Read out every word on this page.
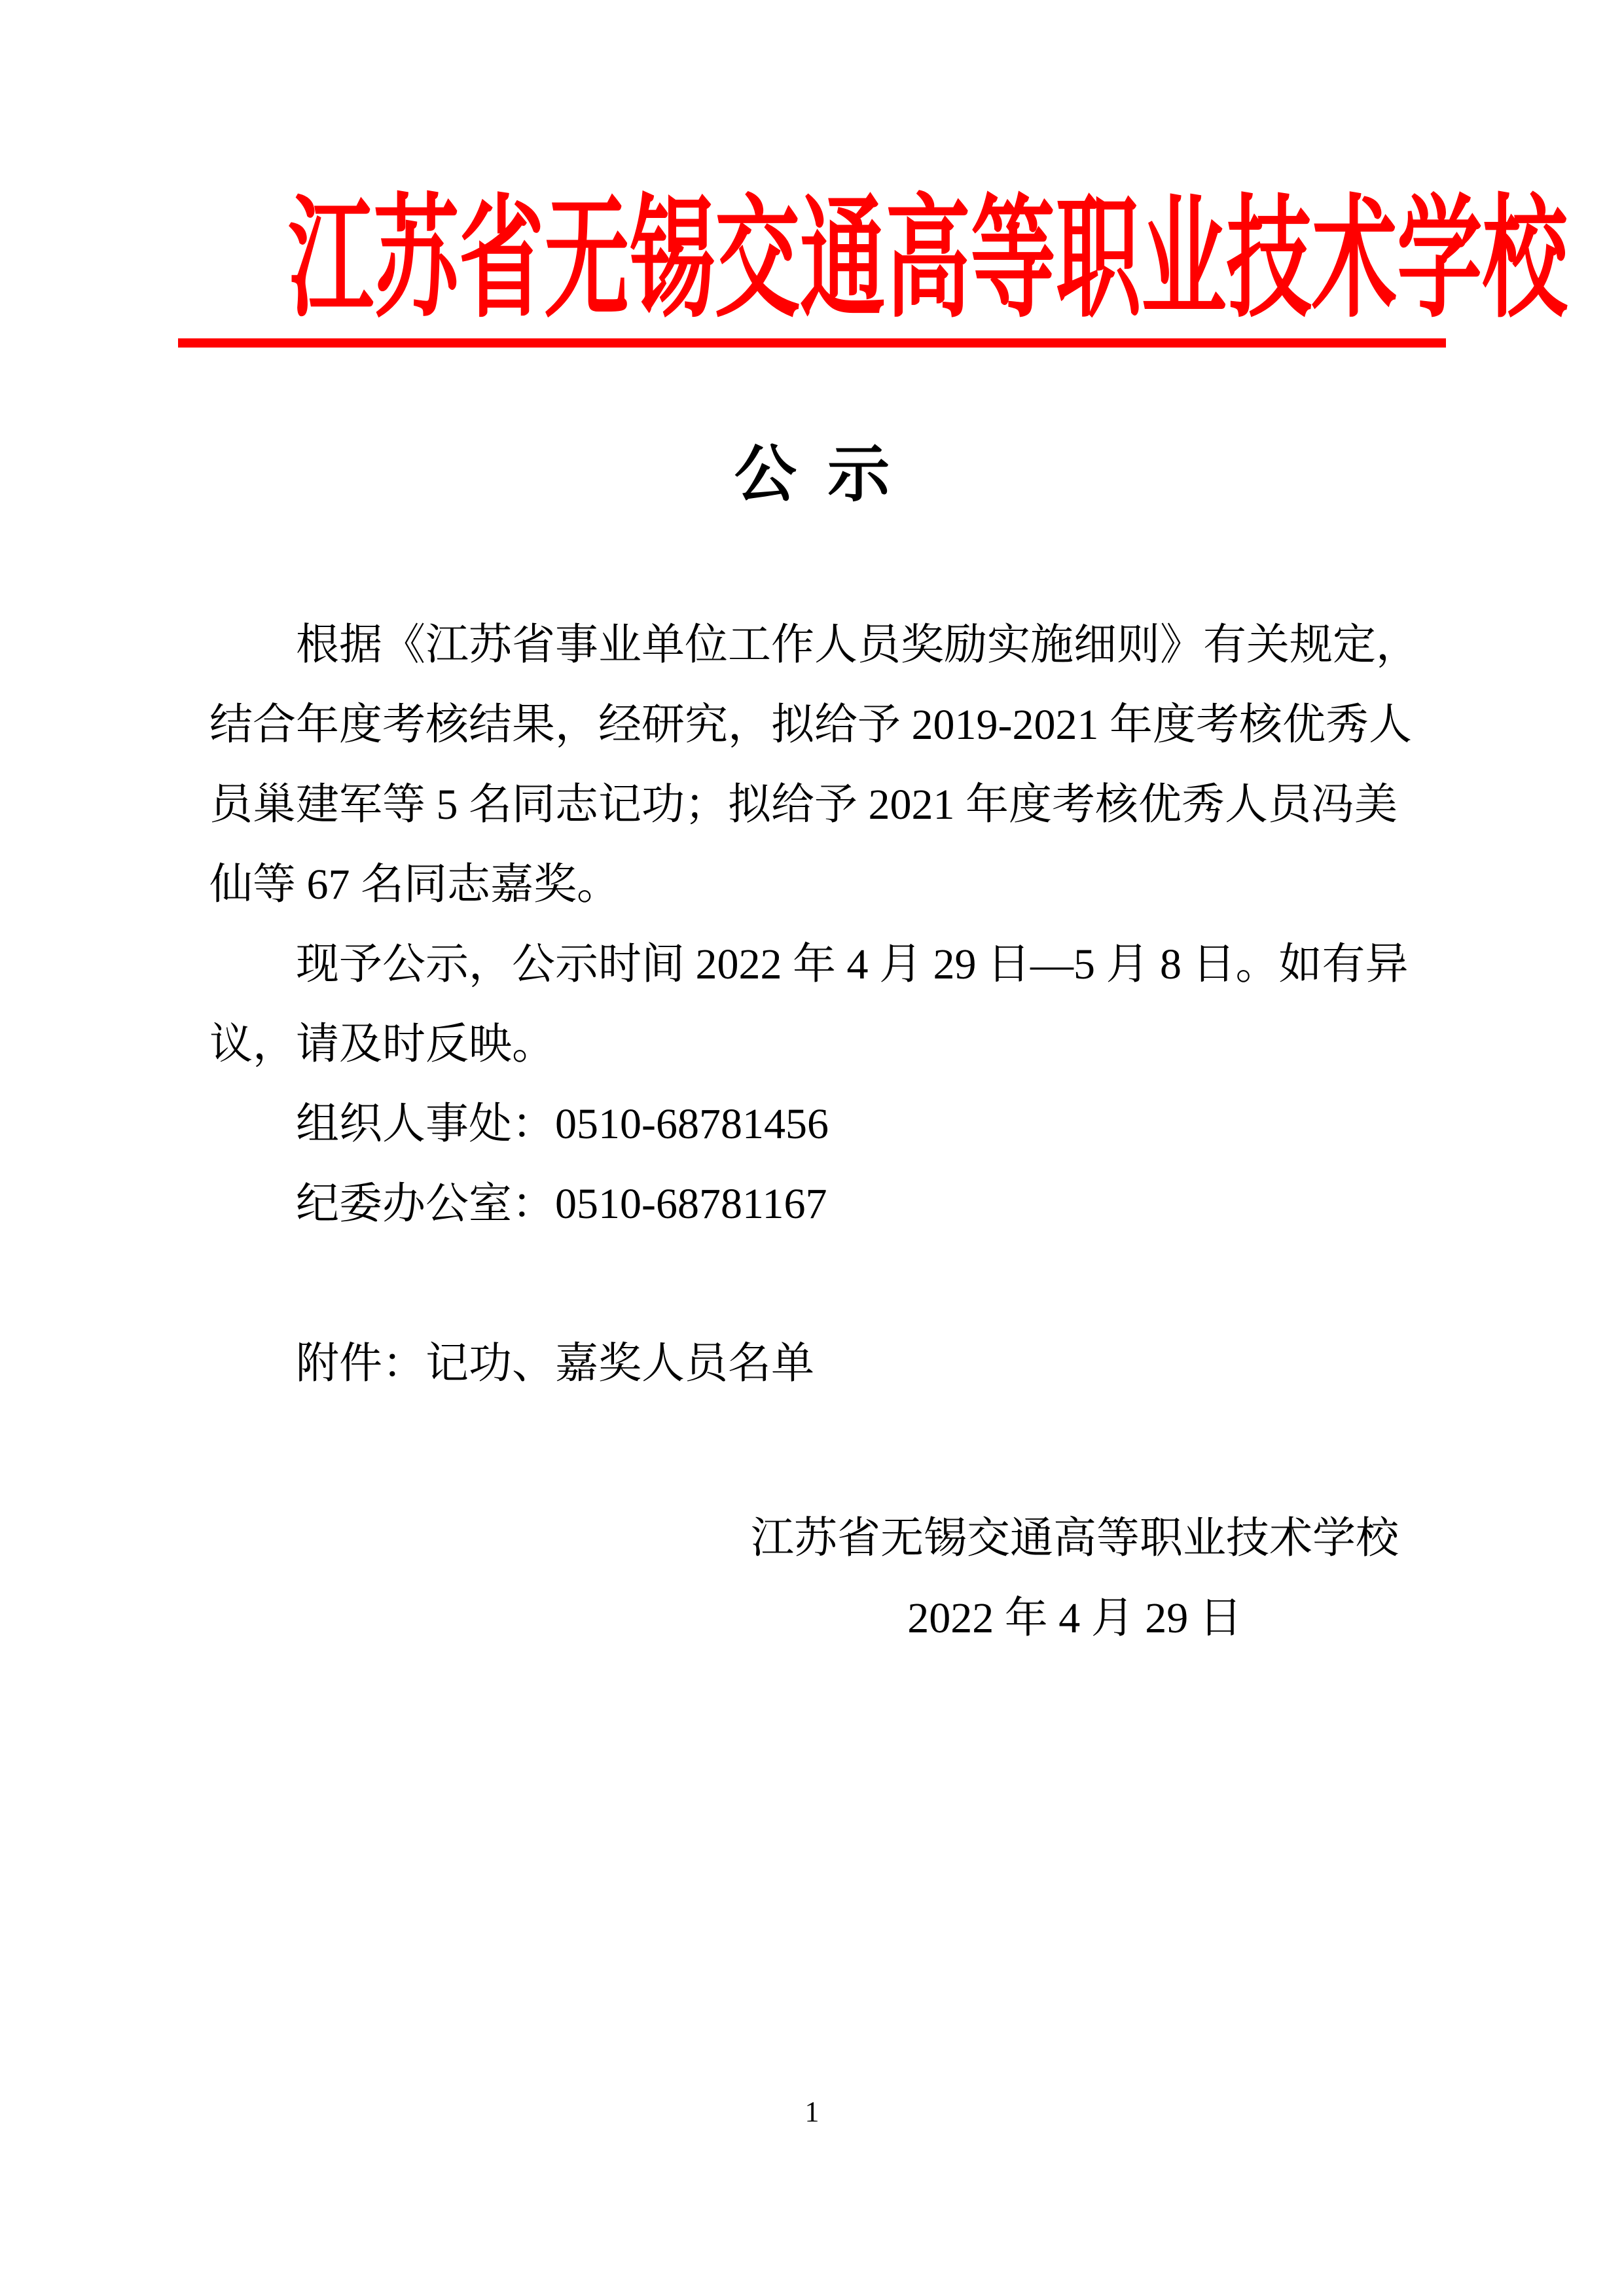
江苏省无锡交通高等职业技术学校
公  示
根据《江苏省事业单位工作人员奖励实施细则》有关规定，
结合年度考核结果，经研究，拟给予 2019-2021 年度考核优秀人
员巢建军等 5 名同志记功；拟给予 2021 年度考核优秀人员冯美
仙等 67 名同志嘉奖。
现予公示，公示时间 2022 年 4 月 29 日—5 月 8 日。如有异
议，请及时反映。
组织人事处：0510-68781456
纪委办公室：0510-68781167
附件：记功、嘉奖人员名单
江苏省无锡交通高等职业技术学校
2022 年 4 月 29 日
1
